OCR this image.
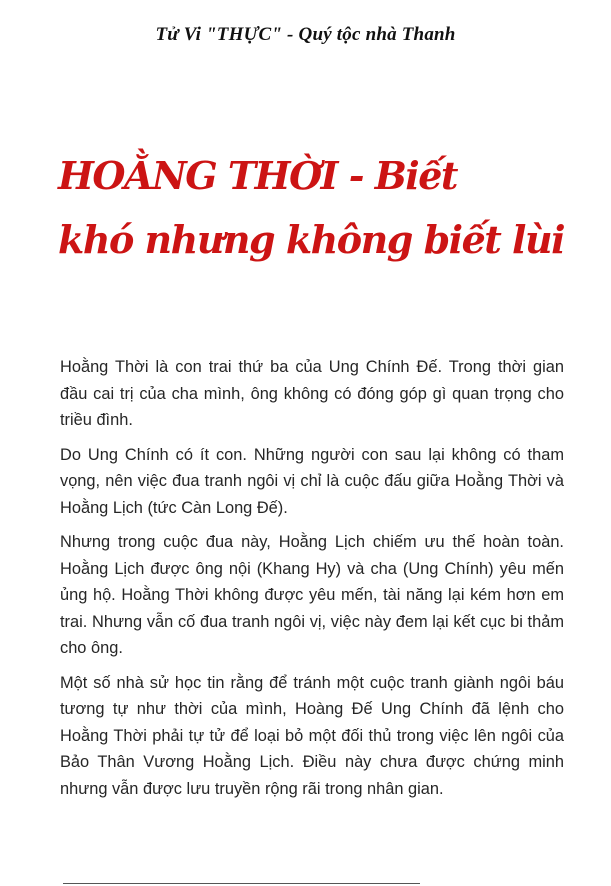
Tử Vi "THỰC" - Quý tộc nhà Thanh
HOẰNG THỜI - Biết
khó nhưng không biết lùi

Hoằng Thời là con trai thứ ba của Ung Chính Đế. Trong thời gian đầu cai trị của cha mình, ông không có đóng góp gì quan trọng cho triều đình.

Do Ung Chính có ít con. Những người con sau lại không có tham vọng, nên việc đua tranh ngôi vị chỉ là cuộc đấu giữa Hoằng Thời và Hoằng Lịch (tức Càn Long Đế).

Nhưng trong cuộc đua này, Hoằng Lịch chiếm ưu thế hoàn toàn. Hoằng Lịch được ông nội (Khang Hy) và cha (Ung Chính) yêu mến ủng hộ. Hoằng Thời không được yêu mến, tài năng lại kém hơn em trai. Nhưng vẫn cố đua tranh ngôi vị, việc này đem lại kết cục bi thảm cho ông.

Một số nhà sử học tin rằng để tránh một cuộc tranh giành ngôi báu tương tự như thời của mình, Hoàng Đế Ung Chính đã lệnh cho Hoằng Thời phải tự tử để loại bỏ một đối thủ trong việc lên ngôi của Bảo Thân Vương Hoằng Lịch. Điều này chưa được chứng minh nhưng vẫn được lưu truyền rộng rãi trong nhân gian.
